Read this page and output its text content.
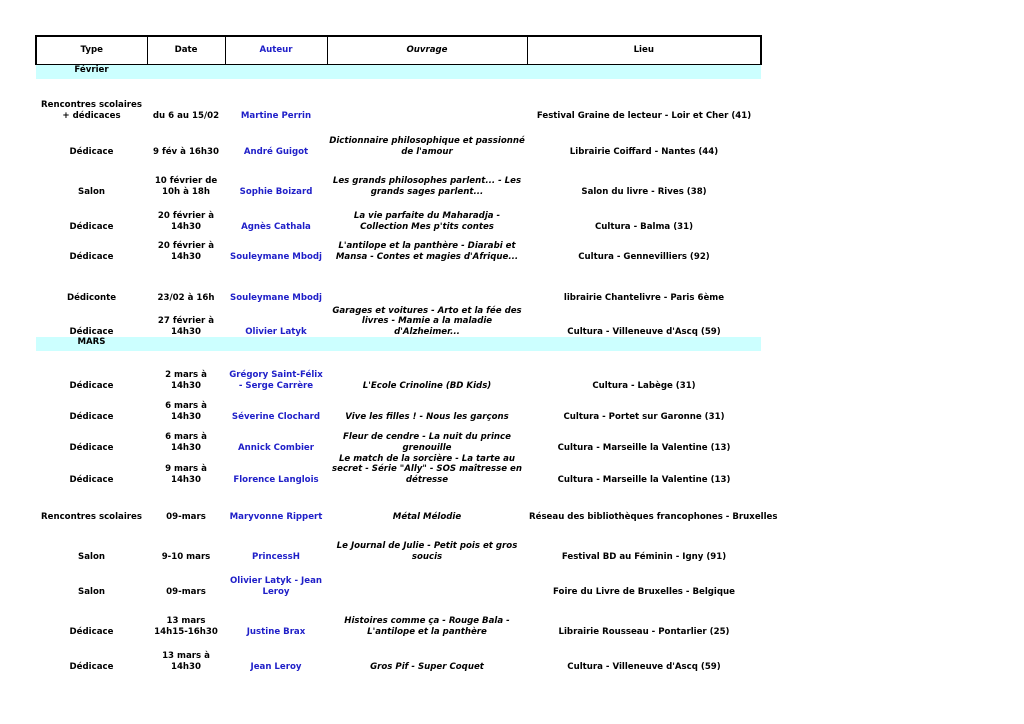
Type	Date	Auteur	Ouvrage	Lieu
Février				
Rencontres scolaires + dédicaces	du 6 au 15/02	Martine Perrin		Festival Graine de lecteur - Loir et Cher (41)
Dédicace	9 fév à 16h30	André Guigot	Dictionnaire philosophique et passionné de l'amour	Librairie Coiffard - Nantes (44)
Salon	10 février de 10h à 18h	Sophie Boizard	Les grands philosophes parlent... - Les grands sages parlent...	Salon du livre - Rives (38)
Dédicace	20 février à 14h30	Agnès Cathala	La vie parfaite du Maharadja - Collection Mes p'tits contes	Cultura - Balma (31)
Dédicace	20 février à 14h30	Souleymane Mbodj	L'antilope et la panthère - Diarabi et Mansa - Contes et magies d'Afrique...	Cultura - Gennevilliers (92)
Dédiconte	23/02 à 16h	Souleymane Mbodj		librairie Chantelivre - Paris 6ème
Dédicace	27 février à 14h30	Olivier Latyk	Garages et voitures - Arto et la fée des livres - Mamie a la maladie d'Alzheimer...	Cultura - Villeneuve d'Ascq (59)
MARS				
Dédicace	2 mars à 14h30	Grégory Saint-Félix - Serge Carrère	L'Ecole Crinoline (BD Kids)	Cultura - Labège (31)
Dédicace	6 mars à 14h30	Séverine Clochard	Vive les filles ! - Nous les garçons	Cultura - Portet sur Garonne (31)
Dédicace	6 mars à 14h30	Annick Combier	Fleur de cendre - La nuit du prince grenouille	Cultura - Marseille la Valentine (13)
Dédicace	9 mars à 14h30	Florence Langlois	Le match de la sorcière - La tarte au secret - Série "Ally" - SOS maîtresse en détresse	Cultura - Marseille la Valentine (13)
Rencontres scolaires	09-mars	Maryvonne Rippert	Métal Mélodie	Réseau des bibliothèques francophones - Bruxelles
Salon	9-10 mars	PrincessH	Le Journal de Julie - Petit pois et gros soucis	Festival BD au Féminin - Igny (91)
Salon	09-mars	Olivier Latyk - Jean Leroy		Foire du Livre de Bruxelles - Belgique
Dédicace	13 mars 14h15-16h30	Justine Brax	Histoires comme ça - Rouge Bala - L'antilope et la panthère	Librairie Rousseau - Pontarlier (25)
Dédicace	13 mars à 14h30	Jean Leroy	Gros Pif - Super Coquet	Cultura - Villeneuve d'Ascq (59)
